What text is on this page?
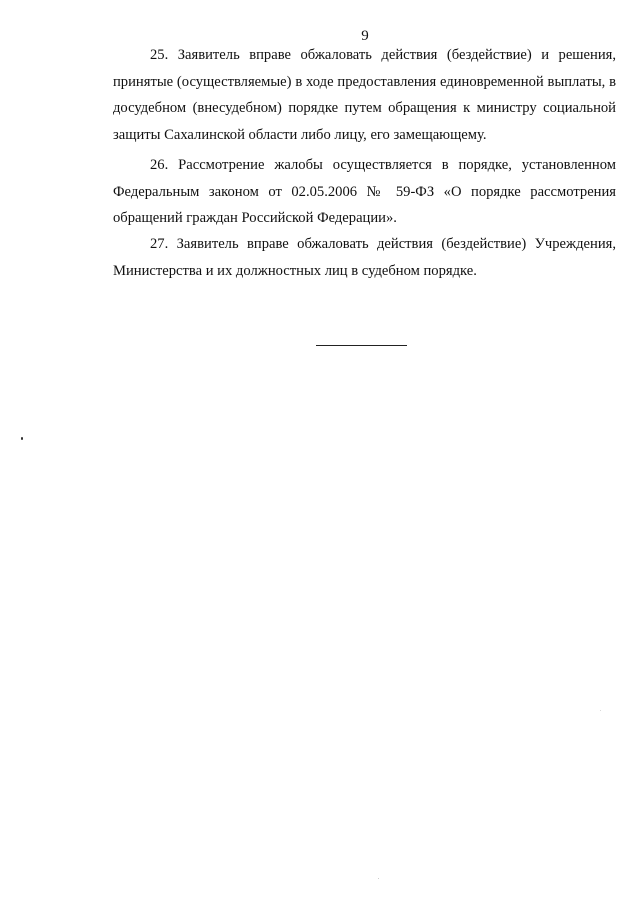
9

25. Заявитель вправе обжаловать действия (бездействие) и решения, принятые (осуществляемые) в ходе предоставления единовременной выплаты, в досудебном (внесудебном) порядке путем обращения к министру социальной защиты Сахалинской области либо лицу, его замещающему.

26. Рассмотрение жалобы осуществляется в порядке, установленном Федеральным законом от 02.05.2006 № 59-ФЗ «О порядке рассмотрения обращений граждан Российской Федерации».

27. Заявитель вправе обжаловать действия (бездействие) Учреждения, Министерства и их должностных лиц в судебном порядке.
